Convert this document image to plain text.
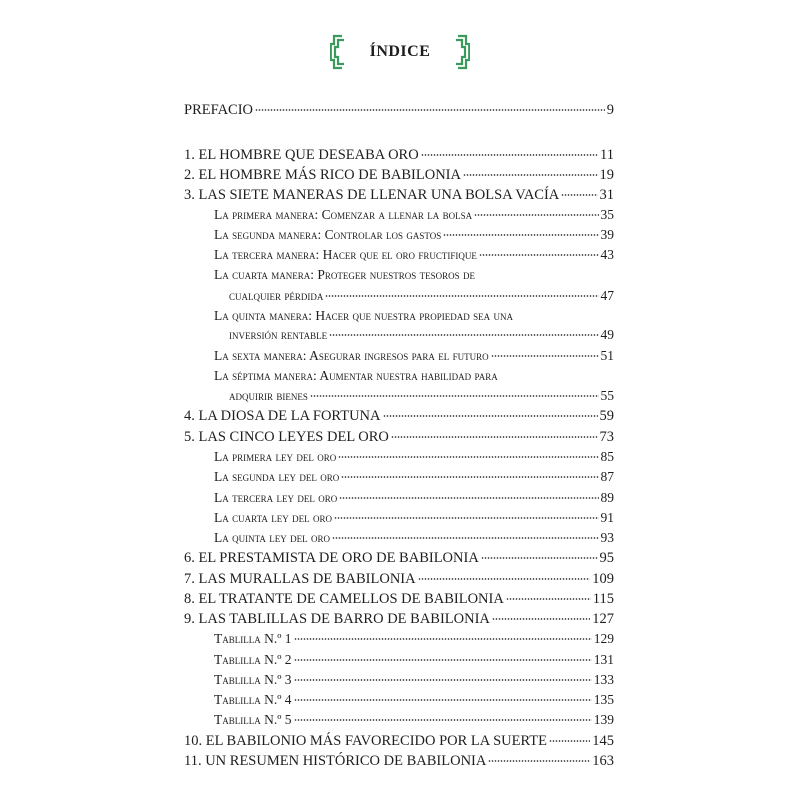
ÍNDICE
PREFACIO	9
1. EL HOMBRE QUE DESEABA ORO	11
2. EL HOMBRE MÁS RICO DE BABILONIA	19
3. LAS SIETE MANERAS DE LLENAR UNA BOLSA VACÍA	31
La primera manera: Comenzar a llenar la bolsa	35
La segunda manera: Controlar los gastos	39
La tercera manera: Hacer que el oro fructifique	43
La cuarta manera: Proteger nuestros tesoros de
cualquier pérdida	47
La quinta manera: Hacer que nuestra propiedad sea una
inversión rentable	49
La sexta manera: Asegurar ingresos para el futuro	51
La séptima manera: Aumentar nuestra habilidad para
adquirir bienes	55
4. LA DIOSA DE LA FORTUNA	59
5. LAS CINCO LEYES DEL ORO	73
La primera ley del oro	85
La segunda ley del oro	87
La tercera ley del oro	89
La cuarta ley del oro	91
La quinta ley del oro	93
6. EL PRESTAMISTA DE ORO DE BABILONIA	95
7. LAS MURALLAS DE BABILONIA	109
8. EL TRATANTE DE CAMELLOS DE BABILONIA	115
9. LAS TABLILLAS DE BARRO DE BABILONIA	127
Tablilla N.º 1	129
Tablilla N.º 2	131
Tablilla N.º 3	133
Tablilla N.º 4	135
Tablilla N.º 5	139
10. EL BABILONIO MÁS FAVORECIDO POR LA SUERTE	145
11. UN RESUMEN HISTÓRICO DE BABILONIA	163
